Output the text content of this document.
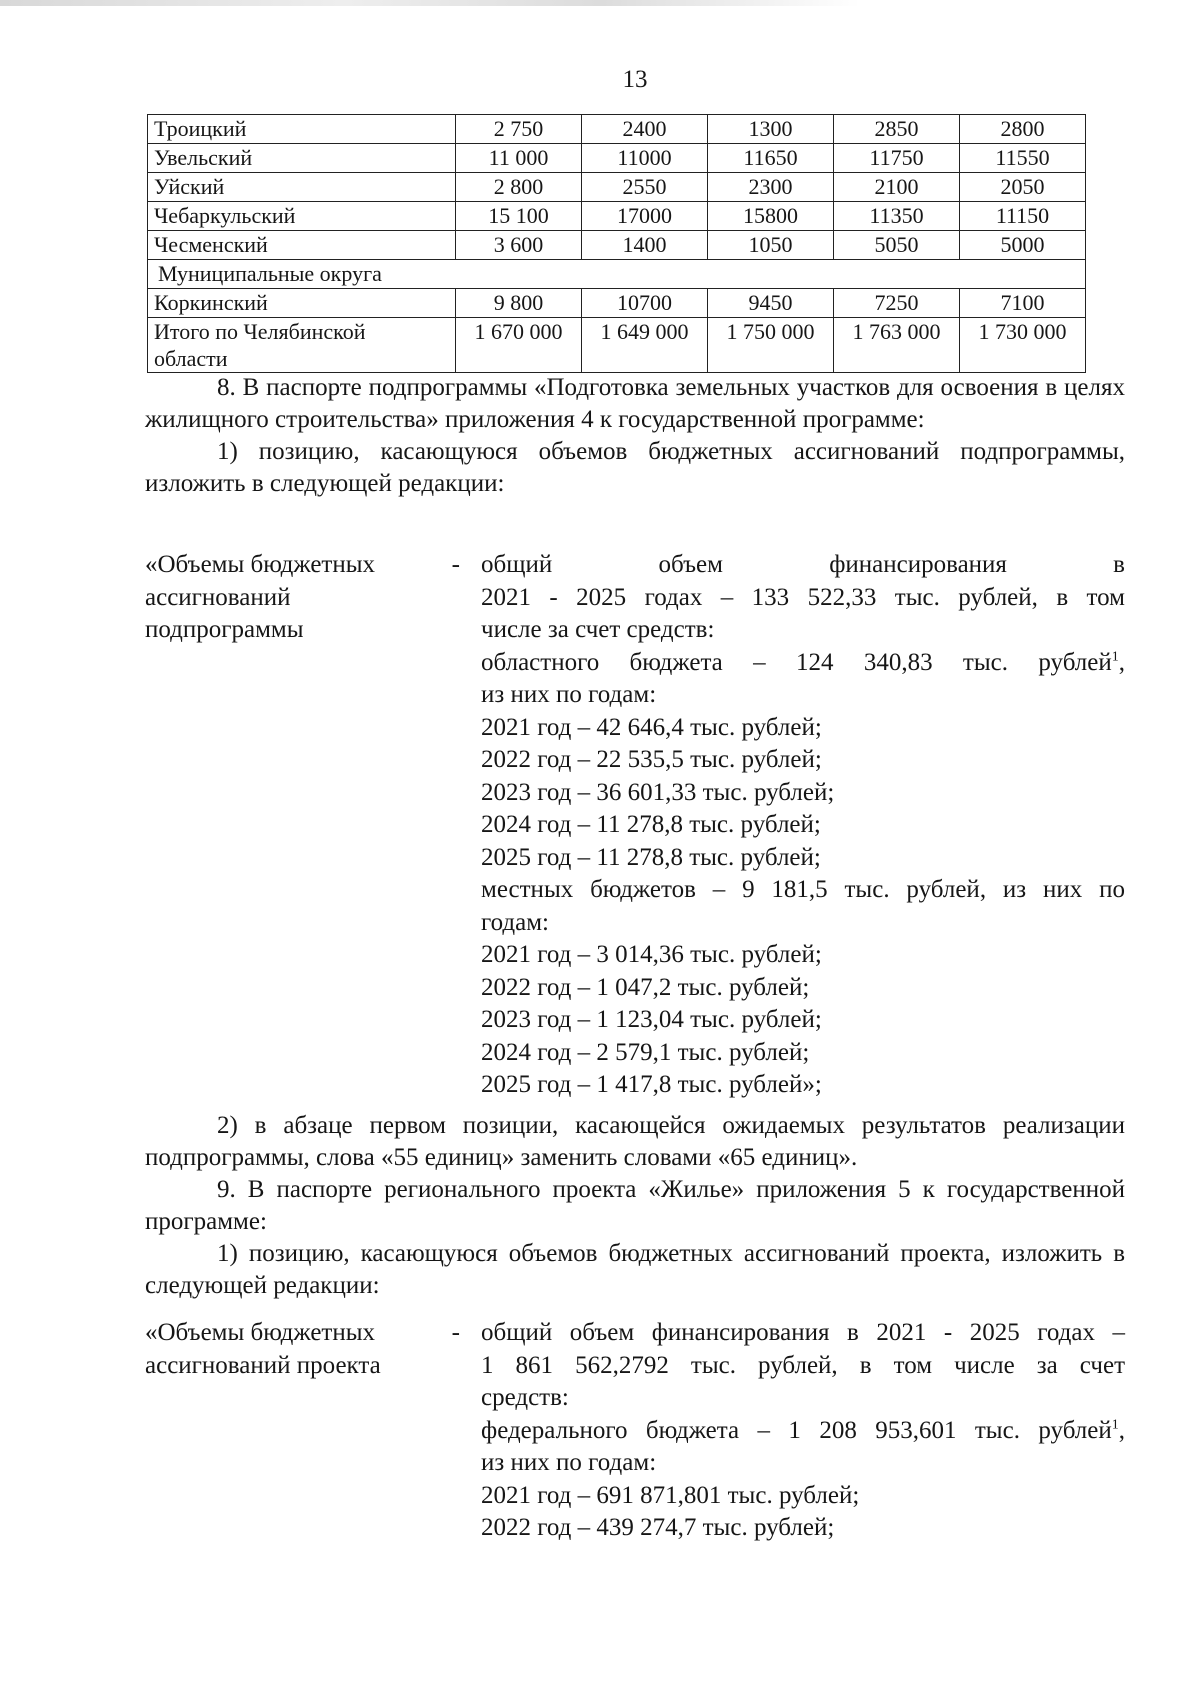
13
Троицкий	2 750	2400	1300	2850	2800
Увельский	11 000	11000	11650	11750	11550
Уйский	2 800	2550	2300	2100	2050
Чебаркульский	15 100	17000	15800	11350	11150
Чесменский	3 600	1400	1050	5050	5000
Муниципальные округа					
Коркинский	9 800	10700	9450	7250	7100

Итого по Челябинской
области	1 670 000	1 649 000	1 750 000	1 763 000	1 730 000

8. В паспорте подпрограммы «Подготовка земельных участков для освоения в целях жилищного строительства» приложения 4 к государственной программе:

1) позицию, касающуюся объемов бюджетных ассигнований подпрограммы, изложить в следующей редакции:

«Объемы бюджетных	-
ассигнований
подпрограммы
общий объем финансирования в
2021 - 2025 годах – 133 522,33 тыс. рублей, в том
числе за счет средств:
областного бюджета – 124 340,83 тыс. рублей$^1$,
из них по годам:
2021 год – 42 646,4 тыс. рублей;
2022 год – 22 535,5 тыс. рублей;
2023 год – 36 601,33 тыс. рублей;
2024 год – 11 278,8 тыс. рублей;
2025 год – 11 278,8 тыс. рублей;
местных бюджетов – 9 181,5 тыс. рублей, из них по
годам:
2021 год – 3 014,36 тыс. рублей;
2022 год – 1 047,2 тыс. рублей;
2023 год – 1 123,04 тыс. рублей;
2024 год – 2 579,1 тыс. рублей;
2025 год – 1 417,8 тыс. рублей»;

2) в абзаце первом позиции, касающейся ожидаемых результатов реализации подпрограммы, слова «55 единиц» заменить словами «65 единиц».

9. В паспорте регионального проекта «Жилье» приложения 5 к государственной программе:

1) позицию, касающуюся объемов бюджетных ассигнований проекта, изложить в следующей редакции:

«Объемы бюджетных	-
ассигнований проекта
общий объем финансирования в 2021 - 2025 годах –
1 861 562,2792 тыс. рублей, в том числе за счет
средств:
федерального бюджета – 1 208 953,601 тыс. рублей$^1$,
из них по годам:
2021 год – 691 871,801 тыс. рублей;
2022 год – 439 274,7 тыс. рублей;
